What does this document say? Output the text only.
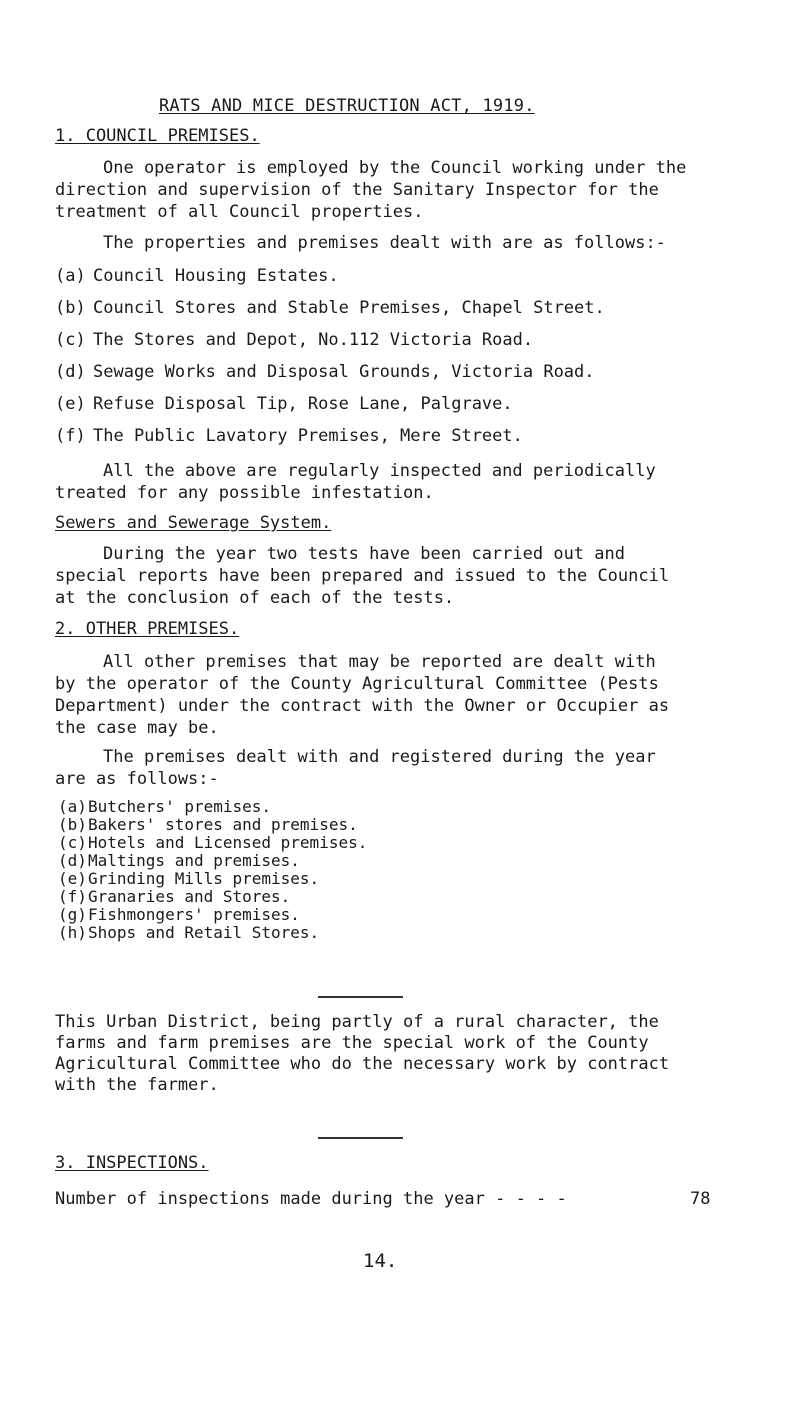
RATS AND MICE DESTRUCTION ACT, 1919.
1. COUNCIL PREMISES.

One operator is employed by the Council working under the
direction and supervision of the Sanitary Inspector for the
treatment of all Council properties.

The properties and premises dealt with are as follows:-

(a) Council Housing Estates.
(b) Council Stores and Stable Premises, Chapel Street.
(c) The Stores and Depot, No.112 Victoria Road.
(d) Sewage Works and Disposal Grounds, Victoria Road.
(e) Refuse Disposal Tip, Rose Lane, Palgrave.
(f) The Public Lavatory Premises, Mere Street.

All the above are regularly inspected and periodically
treated for any possible infestation.

Sewers and Sewerage System.

During the year two tests have been carried out and
special reports have been prepared and issued to the Council
at the conclusion of each of the tests.

2. OTHER PREMISES.

All other premises that may be reported are dealt with
by the operator of the County Agricultural Committee (Pests
Department) under the contract with the Owner or Occupier as
the case may be.

The premises dealt with and registered during the year
are as follows:-

(a)Butchers' premises.
(b)Bakers' stores and premises.
(c)Hotels and Licensed premises.
(d)Maltings and premises.
(e)Grinding Mills premises.
(f)Granaries and Stores.
(g)Fishmongers' premises.
(h)Shops and Retail Stores.

This Urban District, being partly of a rural character, the
farms and farm premises are the special work of the County
Agricultural Committee who do the necessary work by contract
with the farmer.

3. INSPECTIONS.
Number of inspections made during the year - - - -	78
14.
